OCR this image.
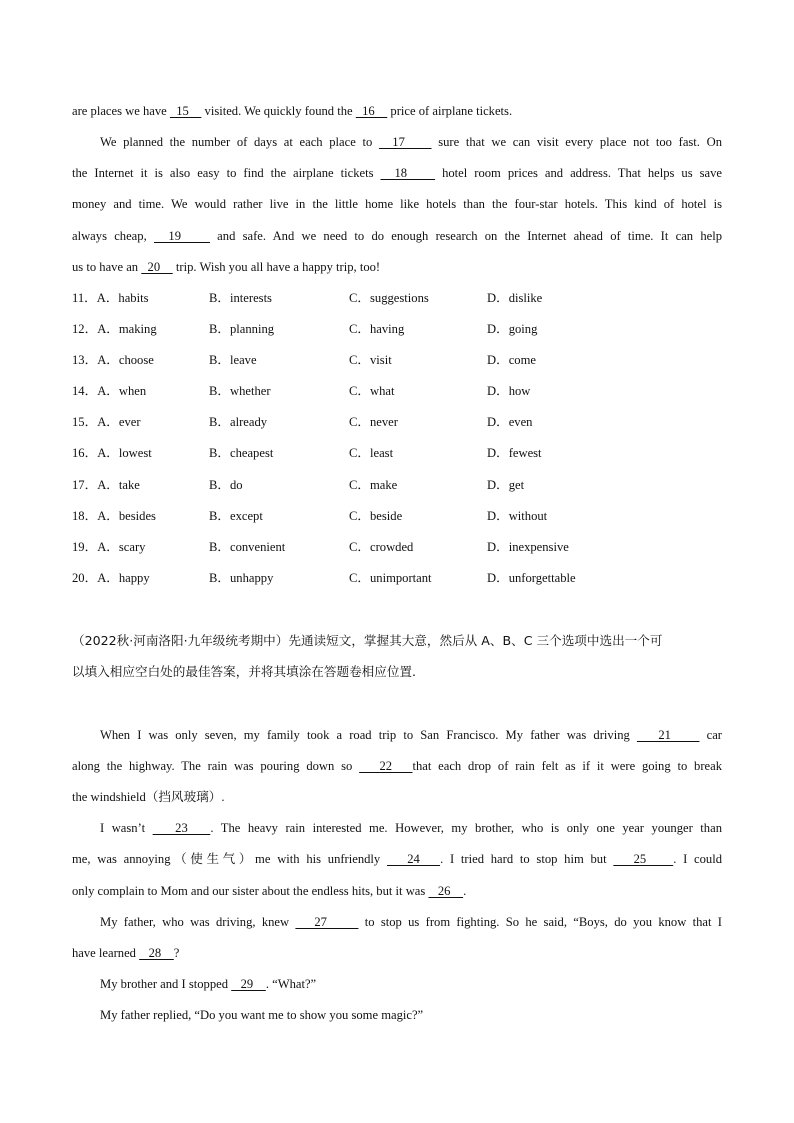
are places we have   15     visited. We quickly found the   16     price of airplane tickets.
We planned the number of days at each place to   17     sure that we can visit every place not too fast. On
the Internet it is also easy to find the airplane tickets   18     hotel room prices and address. That helps us save
money and time. We would rather live in the little home like hotels than the four-star hotels. This kind of hotel is
always cheap,   19     and safe. And we need to do enough research on the Internet ahead of time. It can help
us to have an   20     trip. Wish you all have a happy trip, too!
11．A．habits	B．interests	C．suggestions	D．dislike
12．A．making	B．planning	C．having	D．going
13．A．choose	B．leave	C．visit	D．come
14．A．when	B．whether	C．what	D．how
15．A．ever	B．already	C．never	D．even
16．A．lowest	B．cheapest	C．least	D．fewest
17．A．take	B．do	C．make	D．get
18．A．besides	B．except	C．beside	D．without
19．A．scary	B．convenient	C．crowded	D．inexpensive
20．A．happy	B．unhappy	C．unimportant	D．unforgettable
（2022秋·河南洛阳·九年级统考期中）先通读短文，掌握其大意，然后从 A、B、C 三个选项中选出一个可
以填入相应空白处的最佳答案，并将其填涂在答题卷相应位置.
When I was only seven, my family took a road trip to San Francisco. My father was driving    21     car
along the highway. The rain was pouring down so    22   that each drop of rain felt as if it were going to break
the windshield（挡风玻璃）.
I wasn’t    23   . The heavy rain interested me. However, my brother, who is only one year younger than
me, was annoying（使生气）me with his unfriendly    24   . I tried hard to stop him but    25    . I could
only complain to Mom and our sister about the endless hits, but it was    26    .
My father, who was driving, knew    27      to stop us from fighting. So he said, “Boys, do you know that I
have learned    28    ?
My brother and I stopped    29    . “What?”
My father replied, “Do you want me to show you some magic?”
